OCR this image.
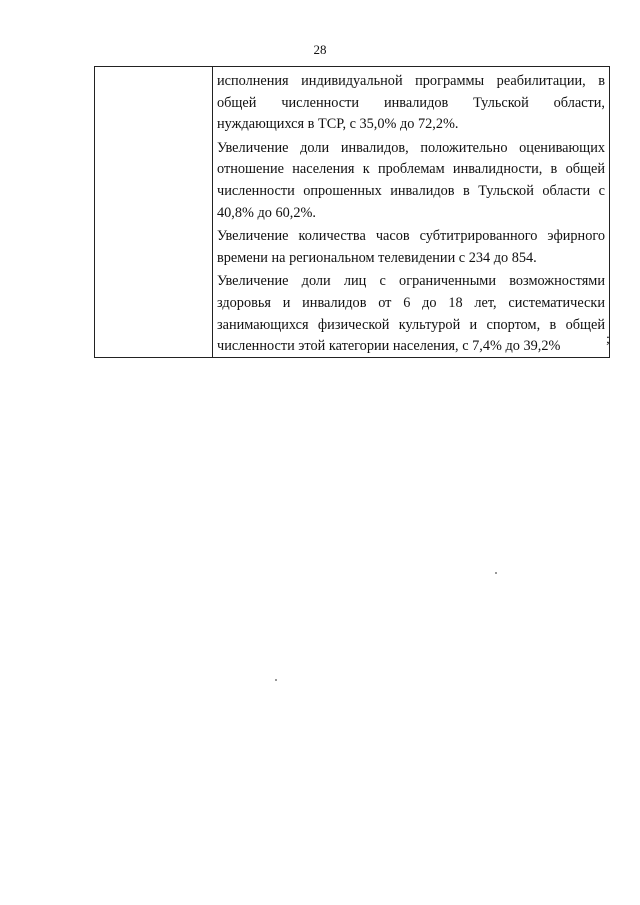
28

исполнения индивидуальной программы реабилитации, в общей численности инвалидов Тульской области, нуждающихся в ТСР, с 35,0% до 72,2%.

Увеличение доли инвалидов, положительно оценивающих отношение населения к проблемам инвалидности, в общей численности опрошенных инвалидов в Тульской области с 40,8% до 60,2%.

Увеличение количества часов субтитрированного эфирного времени на региональном телевидении с 234 до 854.

Увеличение доли лиц с ограниченными возможностями здоровья и инвалидов от 6 до 18 лет, систематически занимающихся физической культурой и спортом, в общей численности этой категории населения, с 7,4% до 39,2%	;
